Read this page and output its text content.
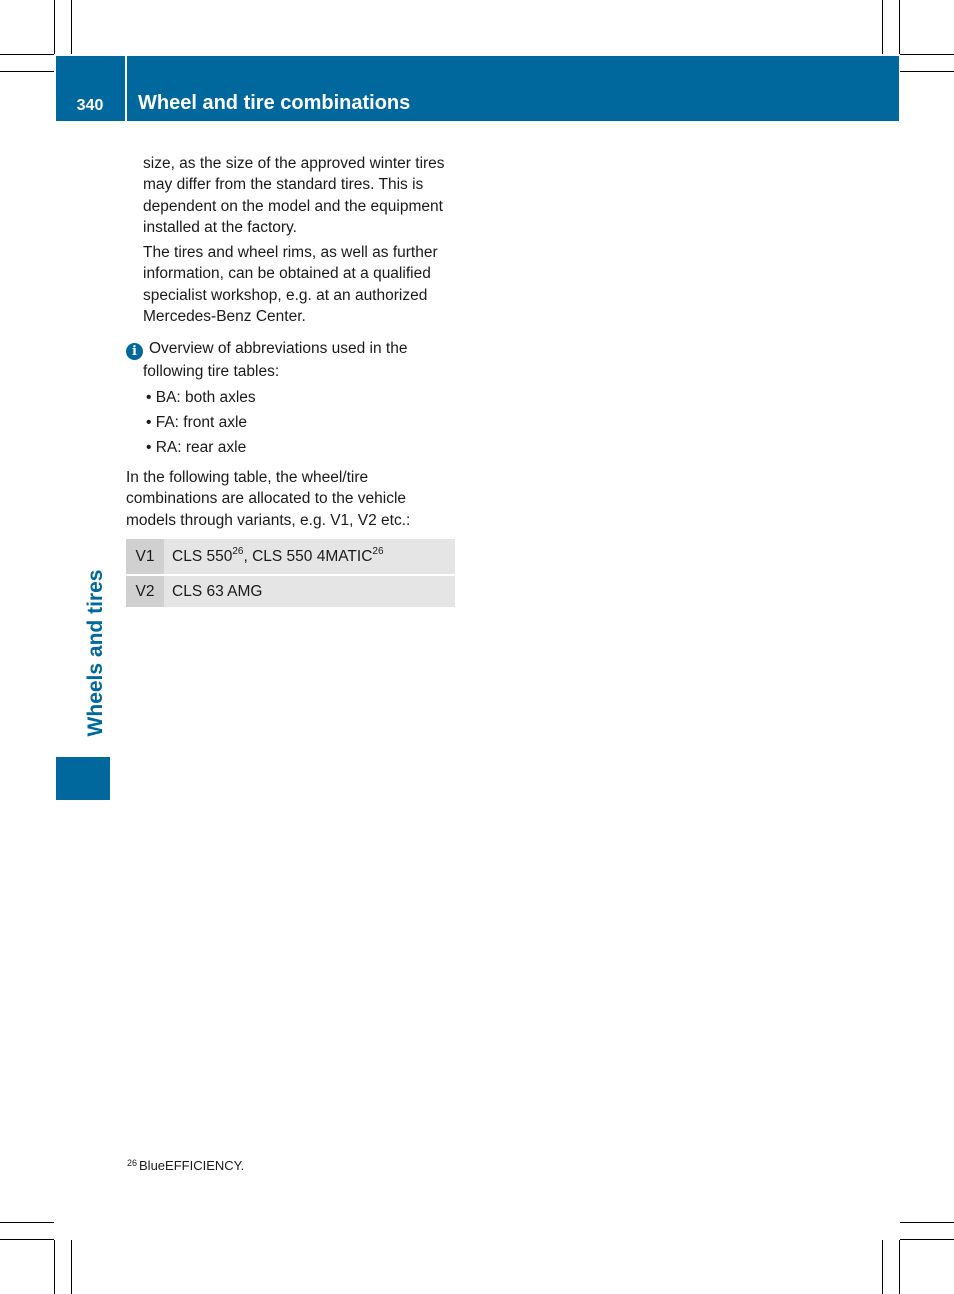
340	Wheel and tire combinations
Wheels and tires

size, as the size of the approved winter tires may differ from the standard tires. This is dependent on the model and the equipment installed at the factory.

The tires and wheel rims, as well as further information, can be obtained at a qualified specialist workshop, e.g. at an authorized Mercedes-Benz Center.

i Overview of abbreviations used in the
following tire tables:
• BA: both axles
• FA: front axle
• RA: rear axle

In the following table, the wheel/tire combinations are allocated to the vehicle models through variants, e.g. V1, V2 etc.:

V1	CLS $550^{26}$, CLS 550 4MATIC$^{26}$
V2	CLS 63 AMG
$^{26}$ BlueEFFICIENCY.
